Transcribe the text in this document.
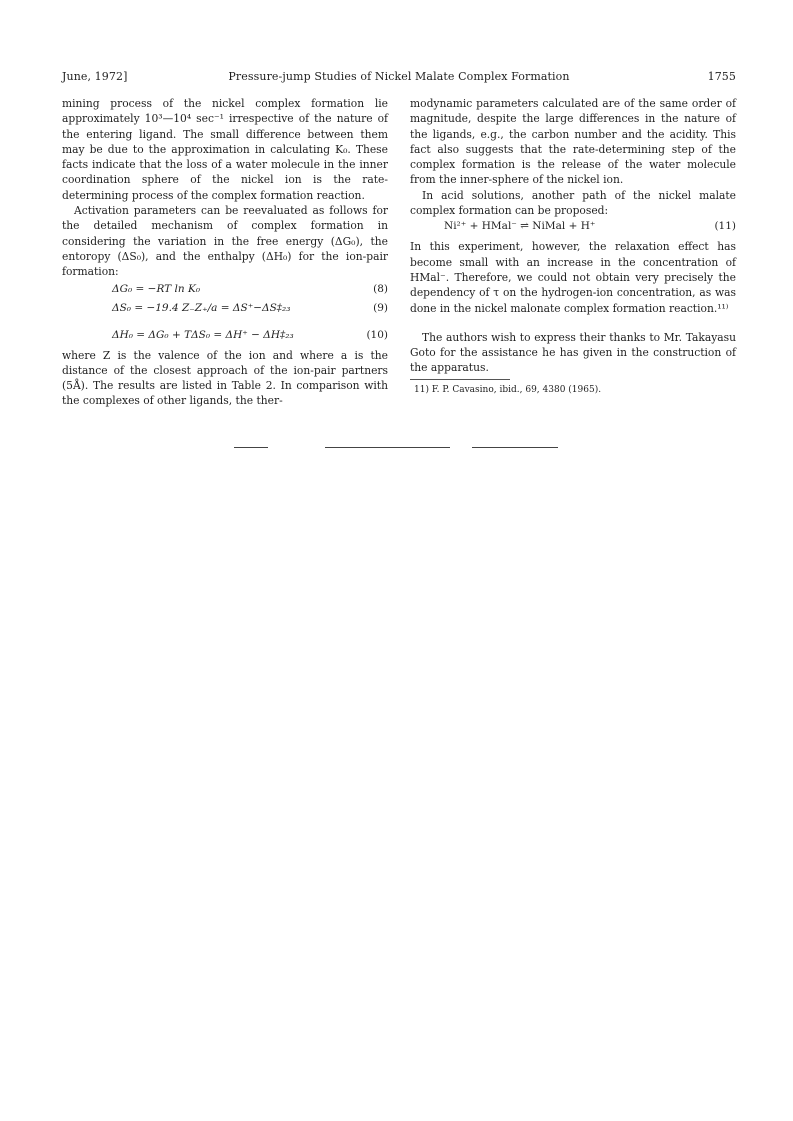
June, 1972]	Pressure-jump Studies of Nickel Malate Complex Formation	1755

mining process of the nickel complex formation lie approximately 10³—10⁴ sec⁻¹ irrespective of the nature of the entering ligand. The small difference between them may be due to the approximation in calculating K₀. These facts indicate that the loss of a water molecule in the inner coordination sphere of the nickel ion is the rate-determining process of the complex formation reaction.

Activation parameters can be reevaluated as follows for the detailed mechanism of complex formation in considering the variation in the free energy (ΔG₀), the entoropy (ΔS₀), and the enthalpy (ΔH₀) for the ion-pair formation:

ΔG₀ = −RT ln K₀	(8)
ΔS₀ = −19.4 Z₋Z₊/a = ΔS⁺−ΔS‡₂₃	(9)
ΔH₀ = ΔG₀ + TΔS₀ = ΔH⁺ − ΔH‡₂₃	(10)

where Z is the valence of the ion and where a is the distance of the closest approach of the ion-pair partners (5Å). The results are listed in Table 2. In comparison with the complexes of other ligands, the ther-

modynamic parameters calculated are of the same order of magnitude, despite the large differences in the nature of the ligands, e.g., the carbon number and the acidity. This fact also suggests that the rate-determining step of the complex formation is the release of the water molecule from the inner-sphere of the nickel ion.

In acid solutions, another path of the nickel malate complex formation can be proposed:

Ni²⁺ + HMal⁻ ⇌ NiMal + H⁺	(11)

In this experiment, however, the relaxation effect has become small with an increase in the concentration of HMal⁻. Therefore, we could not obtain very precisely the dependency of τ on the hydrogen-ion concentration, as was done in the nickel malonate complex formation reaction.¹¹⁾

The authors wish to express their thanks to Mr. Takayasu Goto for the assistance he has given in the construction of the apparatus.

11) F. P. Cavasino, ibid., 69, 4380 (1965).
